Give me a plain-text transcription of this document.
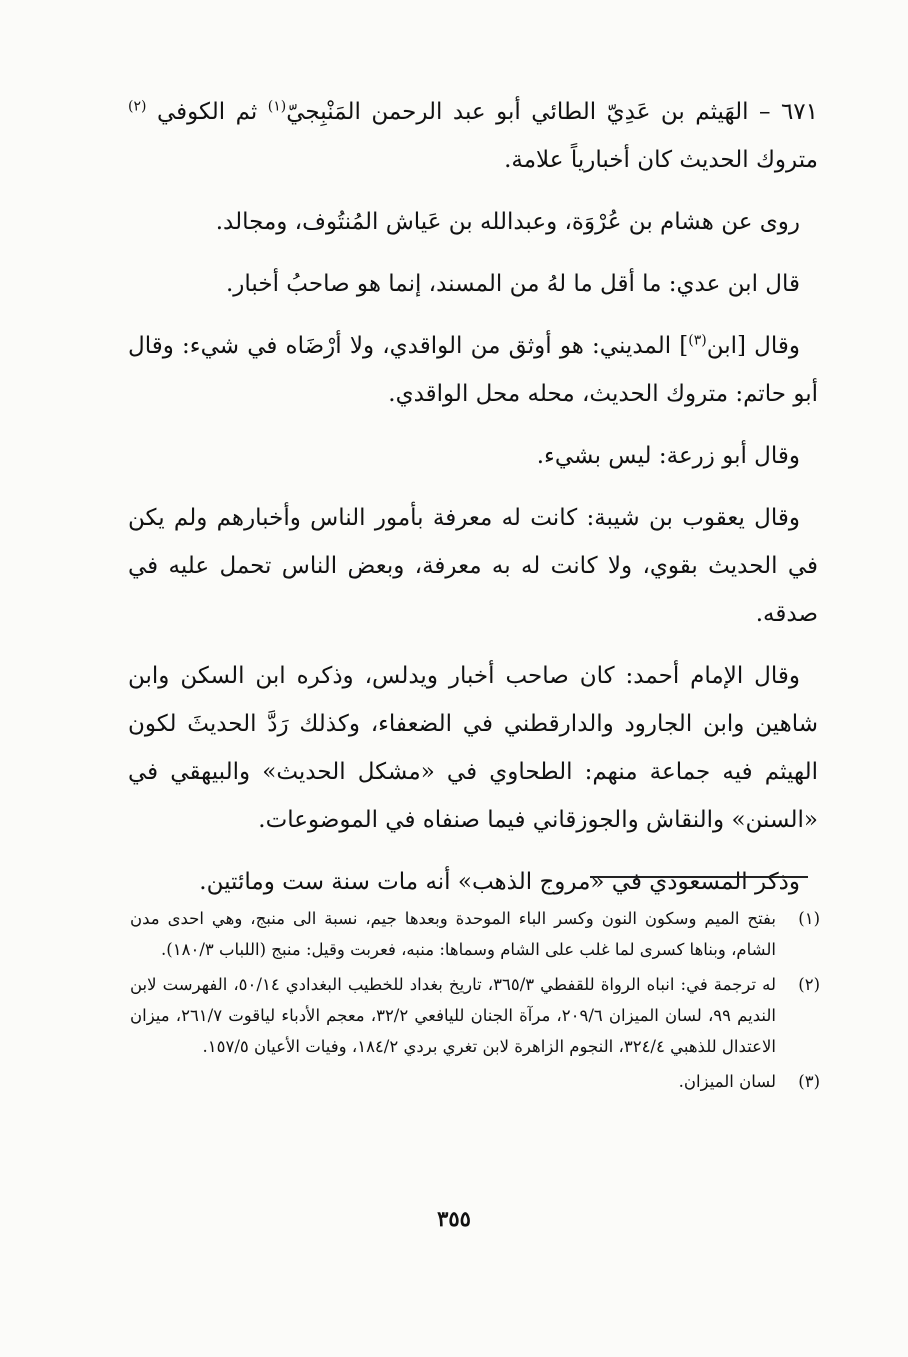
٦٧١ – الهَيثم بن عَدِيّ الطائي أبو عبد الرحمن المَنْبِجيّ$^{(١)}$ ثم الكوفي $^{(٢)}$ متروك الحديث كان أخبارياً علامة.

روى عن هشام بن عُرْوَة، وعبدالله بن عَياش المُنتُوف، ومجالد.

قال ابن عدي: ما أقل ما لهُ من المسند، إنما هو صاحبُ أخبار.

وقال [ابن$^{(٣)}$] المديني: هو أوثق من الواقدي، ولا أرْضَاه في شيء: وقال أبو حاتم: متروك الحديث، محله محل الواقدي.

وقال أبو زرعة: ليس بشيء.

وقال يعقوب بن شيبة: كانت له معرفة بأمور الناس وأخبارهم ولم يكن في الحديث بقوي، ولا كانت له به معرفة، وبعض الناس تحمل عليه في صدقه.

وقال الإمام أحمد: كان صاحب أخبار ويدلس، وذكره ابن السكن وابن شاهين وابن الجارود والدارقطني في الضعفاء، وكذلك رَدَّ الحديثَ لكون الهيثم فيه جماعة منهم: الطحاوي في «مشكل الحديث» والبيهقي في «السنن» والنقاش والجوزقاني فيما صنفاه في الموضوعات.

وذكر المسعودي في «مروج الذهب» أنه مات سنة ست ومائتين.

(١)
بفتح الميم وسكون النون وكسر الباء الموحدة وبعدها جيم، نسبة الى منبج، وهي احدى مدن الشام، وبناها كسرى لما غلب على الشام وسماها: منبه، فعربت وقيل: منبج (اللباب ١٨٠/٣).
(٢)
له ترجمة في: انباه الرواة للقفطي ٣٦٥/٣، تاريخ بغداد للخطيب البغدادي ٥٠/١٤، الفهرست لابن النديم ٩٩، لسان الميزان ٢٠٩/٦، مرآة الجنان لليافعي ٣٢/٢، معجم الأدباء لياقوت ٢٦١/٧، ميزان الاعتدال للذهبي ٣٢٤/٤، النجوم الزاهرة لابن تغري بردي ١٨٤/٢، وفيات الأعيان ١٥٧/٥.
(٣)
لسان الميزان.
٣٥٥
